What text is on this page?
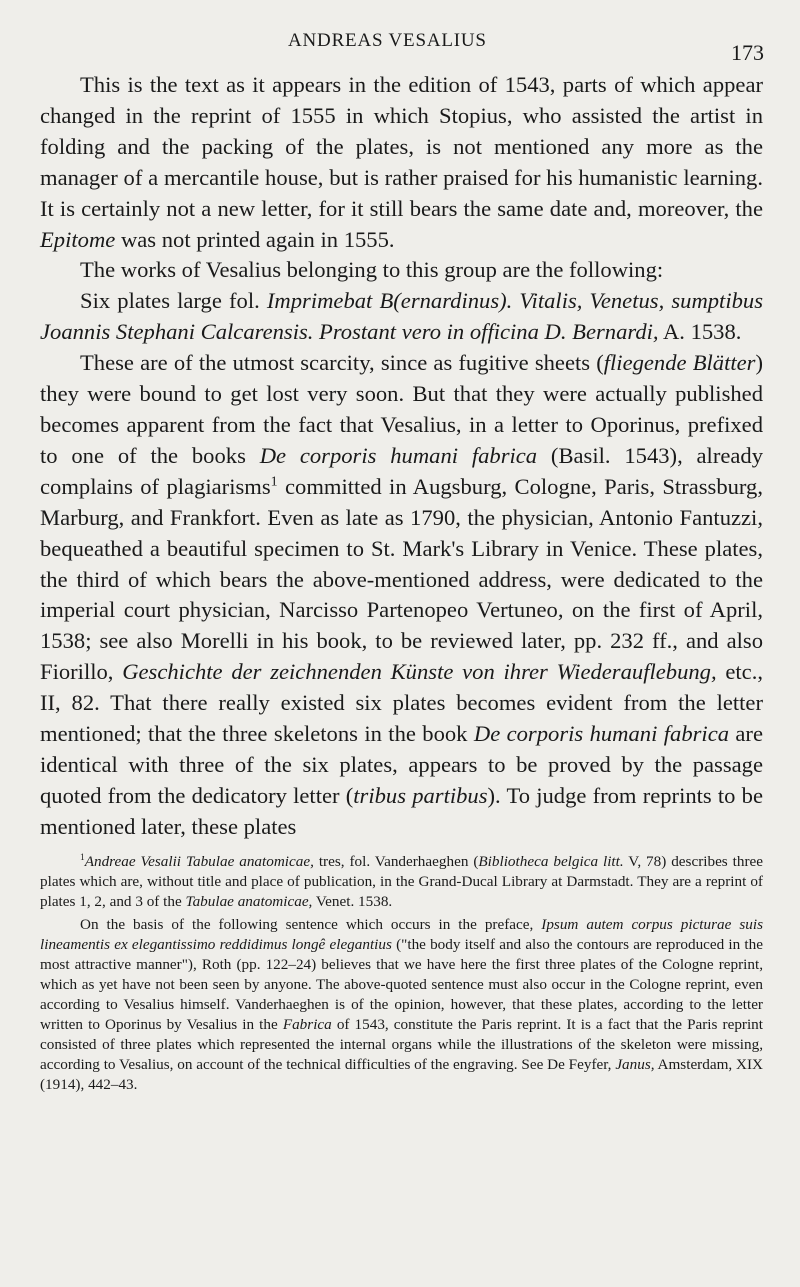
ANDREAS VESALIUS	173

This is the text as it appears in the edition of 1543, parts of which appear changed in the reprint of 1555 in which Stopius, who assisted the artist in folding and the packing of the plates, is not mentioned any more as the manager of a mercantile house, but is rather praised for his humanistic learning. It is certainly not a new letter, for it still bears the same date and, moreover, the Epitome was not printed again in 1555.

The works of Vesalius belonging to this group are the following:

Six plates large fol. Imprimebat B(ernardinus). Vitalis, Venetus, sumptibus Joannis Stephani Calcarensis. Prostant vero in officina D. Bernardi, A. 1538.

These are of the utmost scarcity, since as fugitive sheets (fliegende Blätter) they were bound to get lost very soon. But that they were actually published becomes apparent from the fact that Vesalius, in a letter to Oporinus, prefixed to one of the books De corporis humani fabrica (Basil. 1543), already complains of plagiarisms$^1$ committed in Augsburg, Cologne, Paris, Strassburg, Marburg, and Frankfort. Even as late as 1790, the physician, Antonio Fantuzzi, bequeathed a beautiful specimen to St. Mark's Library in Venice. These plates, the third of which bears the above-mentioned address, were dedicated to the imperial court physician, Narcisso Partenopeo Vertuneo, on the first of April, 1538; see also Morelli in his book, to be reviewed later, pp. 232 ff., and also Fiorillo, Geschichte der zeichnenden Künste von ihrer Wiederauflebung, etc., II, 82. That there really existed six plates becomes evident from the letter mentioned; that the three skeletons in the book De corporis humani fabrica are identical with three of the six plates, appears to be proved by the passage quoted from the dedicatory letter (tribus partibus). To judge from reprints to be mentioned later, these plates

$^1$Andreae Vesalii Tabulae anatomicae, tres, fol. Vanderhaeghen (Bibliotheca belgica litt. V, 78) describes three plates which are, without title and place of publication, in the Grand-Ducal Library at Darmstadt. They are a reprint of plates 1, 2, and 3 of the Tabulae anatomicae, Venet. 1538.

On the basis of the following sentence which occurs in the preface, Ipsum autem corpus picturae suis lineamentis ex elegantissimo reddidimus longê elegantius ("the body itself and also the contours are reproduced in the most attractive manner"), Roth (pp. 122–24) believes that we have here the first three plates of the Cologne reprint, which as yet have not been seen by anyone. The above-quoted sentence must also occur in the Cologne reprint, even according to Vesalius himself. Vanderhaeghen is of the opinion, however, that these plates, according to the letter written to Oporinus by Vesalius in the Fabrica of 1543, constitute the Paris reprint. It is a fact that the Paris reprint consisted of three plates which represented the internal organs while the illustrations of the skeleton were missing, according to Vesalius, on account of the technical difficulties of the engraving. See De Feyfer, Janus, Amsterdam, XIX (1914), 442–43.
